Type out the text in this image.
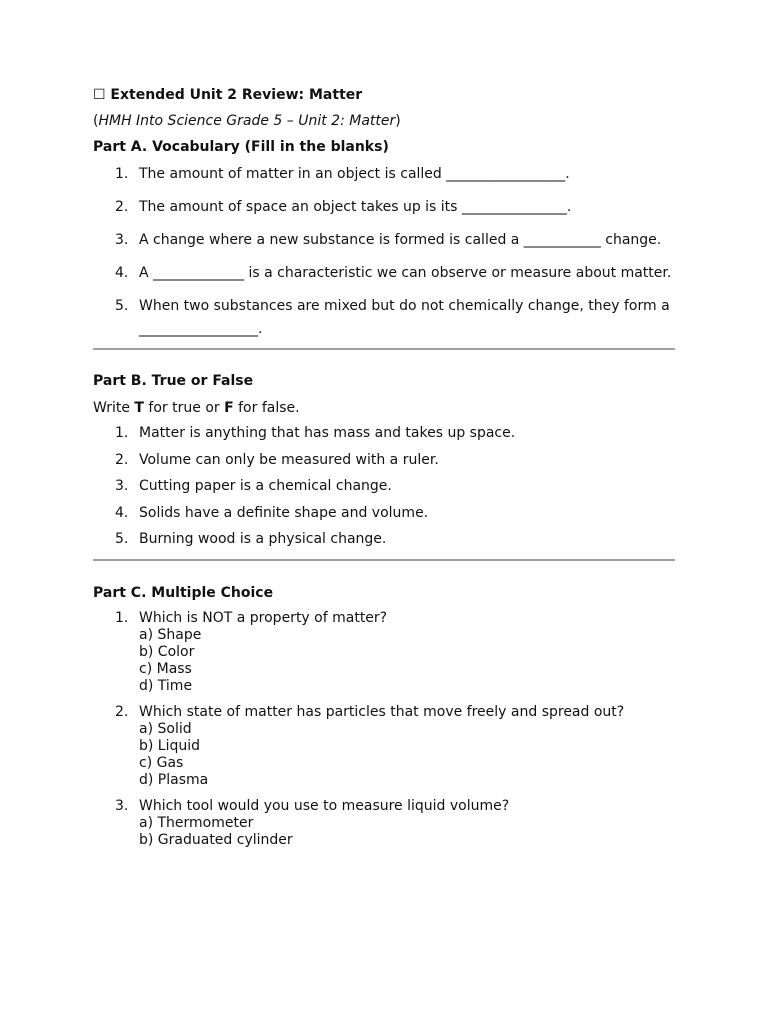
☐ Extended Unit 2 Review: Matter
(HMH Into Science Grade 5 – Unit 2: Matter)
Part A. Vocabulary (Fill in the blanks)
1. The amount of matter in an object is called _________________.
2. The amount of space an object takes up is its _______________.
3. A change where a new substance is formed is called a ___________ change.
4. A _____________ is a characteristic we can observe or measure about matter.
5. When two substances are mixed but do not chemically change, they form a _________________.
Part B. True or False
Write T for true or F for false.
1. Matter is anything that has mass and takes up space.
2. Volume can only be measured with a ruler.
3. Cutting paper is a chemical change.
4. Solids have a definite shape and volume.
5. Burning wood is a physical change.
Part C. Multiple Choice
1. Which is NOT a property of matter?
a) Shape
b) Color
c) Mass
d) Time
2. Which state of matter has particles that move freely and spread out?
a) Solid
b) Liquid
c) Gas
d) Plasma
3. Which tool would you use to measure liquid volume?
a) Thermometer
b) Graduated cylinder
